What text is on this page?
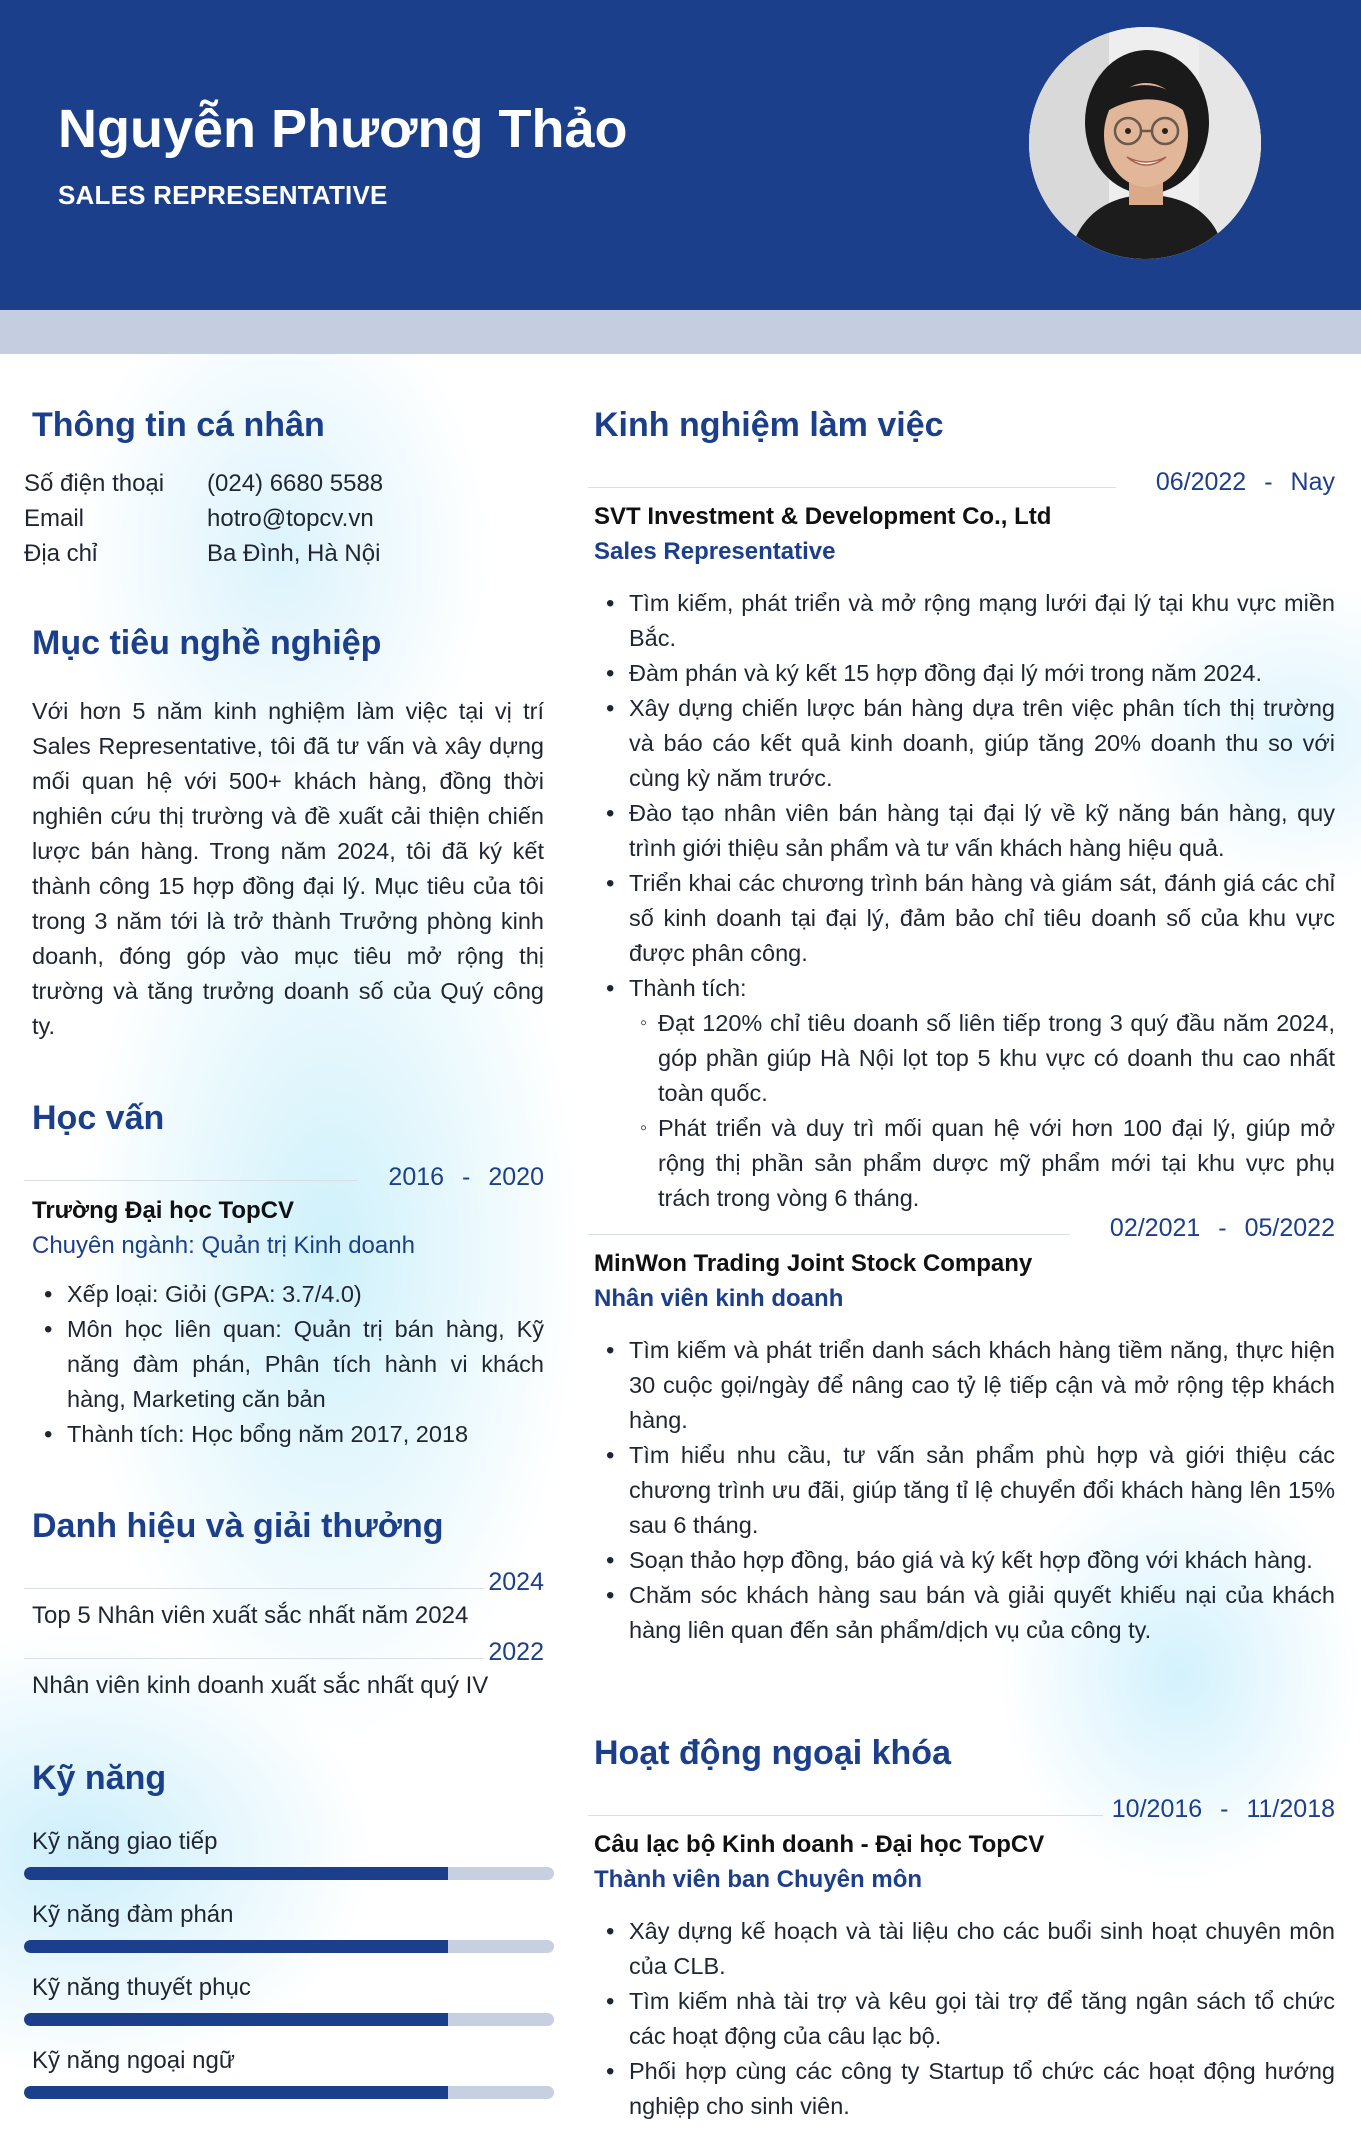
Nguyễn Phương Thảo
SALES REPRESENTATIVE
Thông tin cá nhân
Số điện thoại (024) 6680 5588
Email	hotro@topcv.vn
Địa chỉ	Ba Đình, Hà Nội
Mục tiêu nghề nghiệp
Với hơn 5 năm kinh nghiệm làm việc tại vị trí Sales Representative, tôi đã tư vấn và xây dựng mối quan hệ với 500+ khách hàng, đồng thời nghiên cứu thị trường và đề xuất cải thiện chiến lược bán hàng. Trong năm 2024, tôi đã ký kết thành công 15 hợp đồng đại lý. Mục tiêu của tôi trong 3 năm tới là trở thành Trưởng phòng kinh doanh, đóng góp vào mục tiêu mở rộng thị trường và tăng trưởng doanh số của Quý công ty.
Học vấn
2016 - 2020
Trường Đại học TopCV
Chuyên ngành: Quản trị Kinh doanh
• Xếp loại: Giỏi (GPA: 3.7/4.0)
• Môn học liên quan: Quản trị bán hàng, Kỹ năng đàm phán, Phân tích hành vi khách hàng, Marketing căn bản
• Thành tích: Học bổng năm 2017, 2018
Danh hiệu và giải thưởng
2024
Top 5 Nhân viên xuất sắc nhất năm 2024
2022
Nhân viên kinh doanh xuất sắc nhất quý IV
Kỹ năng
Kỹ năng giao tiếp
Kỹ năng đàm phán
Kỹ năng thuyết phục
Kỹ năng ngoại ngữ
Kinh nghiệm làm việc
06/2022 - Nay
SVT Investment & Development Co., Ltd
Sales Representative
• Tìm kiếm, phát triển và mở rộng mạng lưới đại lý tại khu vực miền Bắc.
• Đàm phán và ký kết 15 hợp đồng đại lý mới trong năm 2024.
• Xây dựng chiến lược bán hàng dựa trên việc phân tích thị trường và báo cáo kết quả kinh doanh, giúp tăng 20% doanh thu so với cùng kỳ năm trước.
• Đào tạo nhân viên bán hàng tại đại lý về kỹ năng bán hàng, quy trình giới thiệu sản phẩm và tư vấn khách hàng hiệu quả.
• Triển khai các chương trình bán hàng và giám sát, đánh giá các chỉ số kinh doanh tại đại lý, đảm bảo chỉ tiêu doanh số của khu vực được phân công.
• Thành tích:
◦ Đạt 120% chỉ tiêu doanh số liên tiếp trong 3 quý đầu năm 2024, góp phần giúp Hà Nội lọt top 5 khu vực có doanh thu cao nhất toàn quốc.
◦ Phát triển và duy trì mối quan hệ với hơn 100 đại lý, giúp mở rộng thị phần sản phẩm dược mỹ phẩm mới tại khu vực phụ trách trong vòng 6 tháng.
02/2021 - 05/2022
MinWon Trading Joint Stock Company
Nhân viên kinh doanh
• Tìm kiếm và phát triển danh sách khách hàng tiềm năng, thực hiện 30 cuộc gọi/ngày để nâng cao tỷ lệ tiếp cận và mở rộng tệp khách hàng.
• Tìm hiểu nhu cầu, tư vấn sản phẩm phù hợp và giới thiệu các chương trình ưu đãi, giúp tăng tỉ lệ chuyển đổi khách hàng lên 15% sau 6 tháng.
• Soạn thảo hợp đồng, báo giá và ký kết hợp đồng với khách hàng.
• Chăm sóc khách hàng sau bán và giải quyết khiếu nại của khách hàng liên quan đến sản phẩm/dịch vụ của công ty.
Hoạt động ngoại khóa
10/2016 - 11/2018
Câu lạc bộ Kinh doanh - Đại học TopCV
Thành viên ban Chuyên môn
• Xây dựng kế hoạch và tài liệu cho các buổi sinh hoạt chuyên môn của CLB.
• Tìm kiếm nhà tài trợ và kêu gọi tài trợ để tăng ngân sách tổ chức các hoạt động của câu lạc bộ.
• Phối hợp cùng các công ty Startup tổ chức các hoạt động hướng nghiệp cho sinh viên.
